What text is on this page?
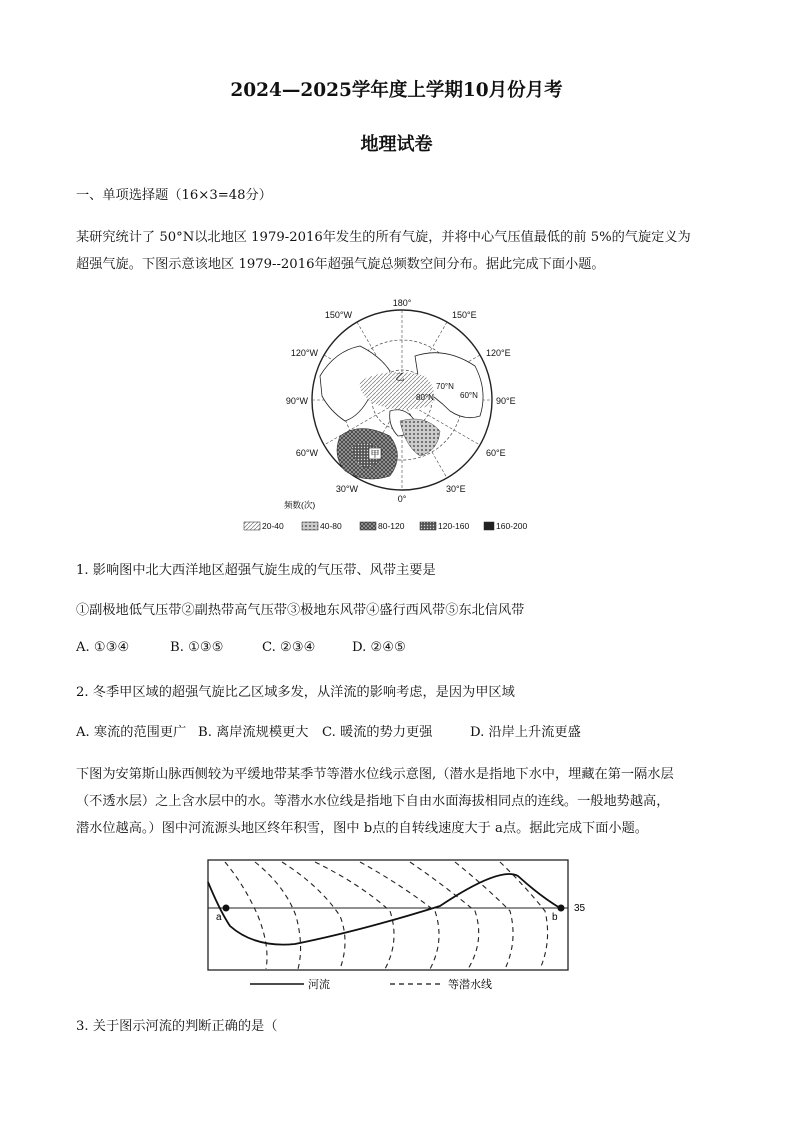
2024—2025学年度上学期10月份月考
地理试卷
一、单项选择题（16×3=48分）
某研究统计了 50°N以北地区 1979-2016年发生的所有气旋，并将中心气压值最低的前 5%的气旋定义为
超强气旋。下图示意该地区 1979--2016年超强气旋总频数空间分布。据此完成下面小题。
甲
乙
180°
150°W	150°E
120°W	120°E
90°W	90°E
60°W	60°E
30°W	30°E
0°
70°N
80°N	60°N
频数(次)
20-40	40-80	80-120	120-160	160-200
1. 影响图中北大西洋地区超强气旋生成的气压带、风带主要是
①副极地低气压带②副热带高气压带③极地东风带④盛行西风带⑤东北信风带
A. ①③④	B. ①③⑤	C. ②③④	D. ②④⑤
2. 冬季甲区域的超强气旋比乙区域多发，从洋流的影响考虑，是因为甲区域
A. 寒流的范围更广 B. 离岸流规模更大 C. 暖流的势力更强	D. 沿岸上升流更盛
下图为安第斯山脉西侧较为平缓地带某季节等潜水位线示意图,（潜水是指地下水中，埋藏在第一隔水层
（不透水层）之上含水层中的水。等潜水水位线是指地下自由水面海拔相同点的连线。一般地势越高，
潜水位越高。）图中河流源头地区终年积雪，图中 b点的自转线速度大于 a点。据此完成下面小题。
a	b
35
河流	等潜水线
3. 关于图示河流的判断正确的是（
